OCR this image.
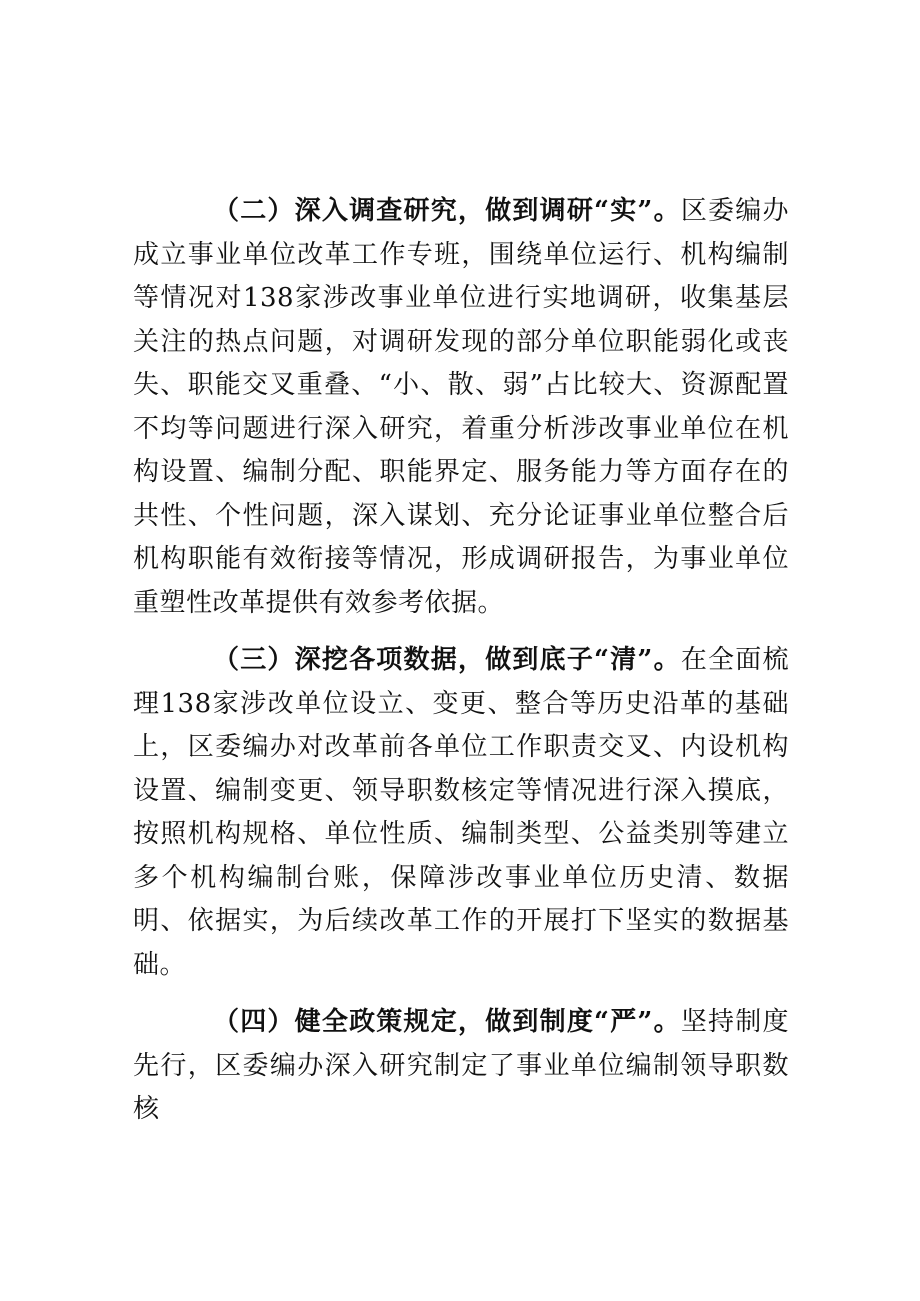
（二）深入调查研究，做到调研“实”。区委编办成立事业单位改革工作专班，围绕单位运行、机构编制等情况对138家涉改事业单位进行实地调研，收集基层关注的热点问题，对调研发现的部分单位职能弱化或丧失、职能交叉重叠、“小、散、弱”占比较大、资源配置不均等问题进行深入研究，着重分析涉改事业单位在机构设置、编制分配、职能界定、服务能力等方面存在的共性、个性问题，深入谋划、充分论证事业单位整合后机构职能有效衔接等情况，形成调研报告，为事业单位重塑性改革提供有效参考依据。

（三）深挖各项数据，做到底子“清”。在全面梳理138家涉改单位设立、变更、整合等历史沿革的基础上，区委编办对改革前各单位工作职责交叉、内设机构设置、编制变更、领导职数核定等情况进行深入摸底，按照机构规格、单位性质、编制类型、公益类别等建立多个机构编制台账，保障涉改事业单位历史清、数据明、依据实，为后续改革工作的开展打下坚实的数据基础。

（四）健全政策规定，做到制度“严”。坚持制度先行，区委编办深入研究制定了事业单位编制领导职数核
